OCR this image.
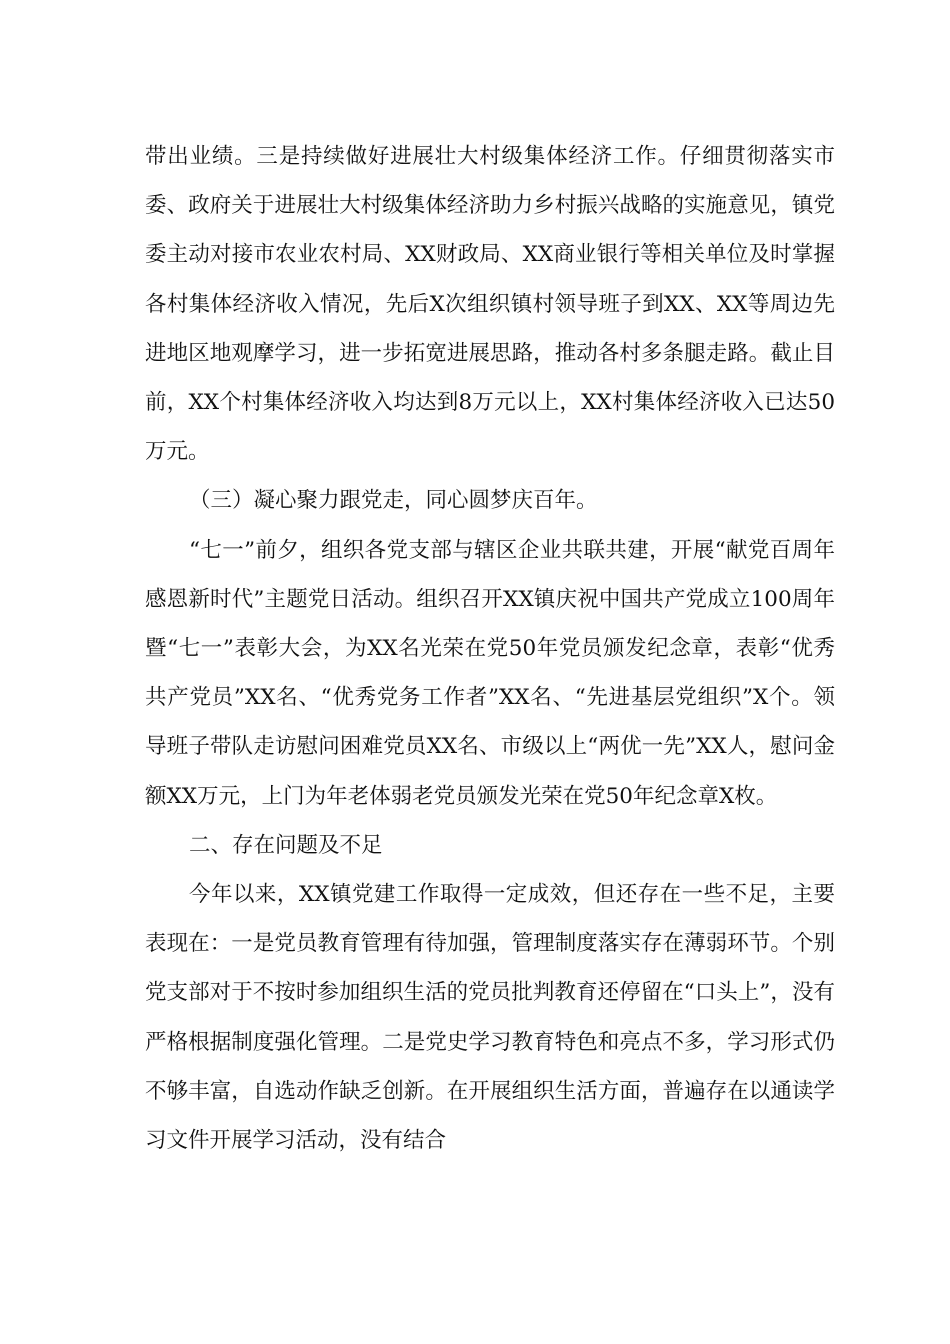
带出业绩。三是持续做好进展壮大村级集体经济工作。仔细贯彻落实市委、政府关于进展壮大村级集体经济助力乡村振兴战略的实施意见，镇党委主动对接市农业农村局、XX财政局、XX商业银行等相关单位及时掌握各村集体经济收入情况，先后X次组织镇村领导班子到XX、XX等周边先进地区地观摩学习，进一步拓宽进展思路，推动各村多条腿走路。截止目前，XX个村集体经济收入均达到8万元以上，XX村集体经济收入已达50万元。

（三）凝心聚力跟党走，同心圆梦庆百年。

“七一”前夕，组织各党支部与辖区企业共联共建，开展“献党百周年 感恩新时代”主题党日活动。组织召开XX镇庆祝中国共产党成立100周年暨“七一”表彰大会，为XX名光荣在党50年党员颁发纪念章，表彰“优秀共产党员”XX名、“优秀党务工作者”XX名、“先进基层党组织”X个。领导班子带队走访慰问困难党员XX名、市级以上“两优一先”XX人，慰问金额XX万元，上门为年老体弱老党员颁发光荣在党50年纪念章X枚。

二、存在问题及不足

今年以来，XX镇党建工作取得一定成效，但还存在一些不足，主要表现在：一是党员教育管理有待加强，管理制度落实存在薄弱环节。个别党支部对于不按时参加组织生活的党员批判教育还停留在“口头上”，没有严格根据制度强化管理。二是党史学习教育特色和亮点不多，学习形式仍不够丰富，自选动作缺乏创新。在开展组织生活方面，普遍存在以通读学习文件开展学习活动，没有结合
